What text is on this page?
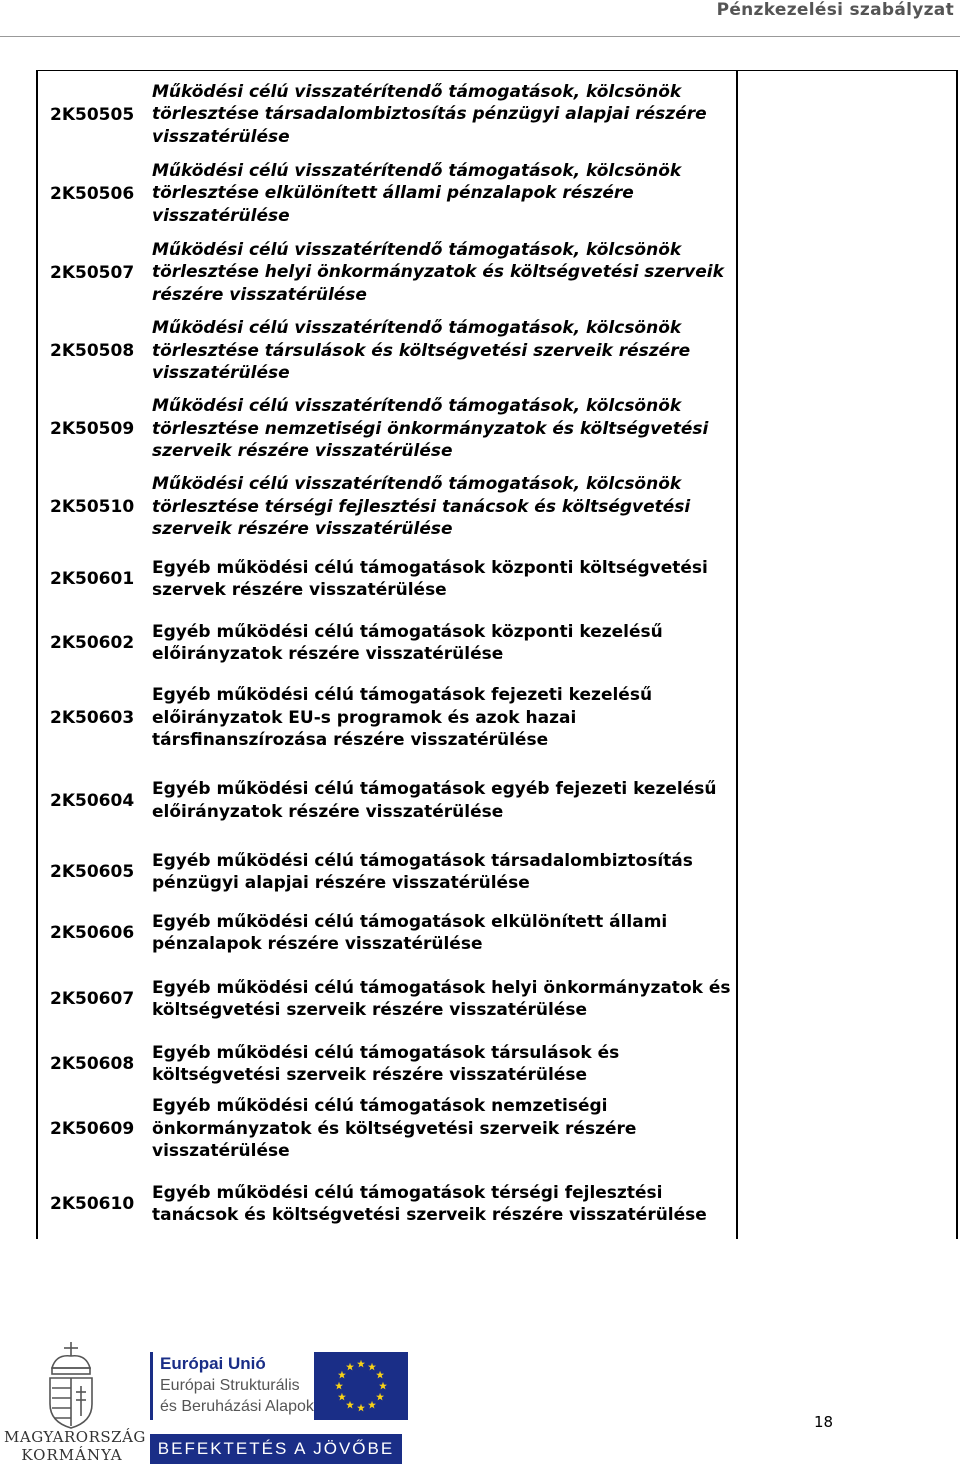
Pénzkezelési szabályzat
2K50505
Működési célú visszatérítendő támogatások, kölcsönök törlesztése társadalombiztosítás pénzügyi alapjai részére visszatérülése
2K50506
Működési célú visszatérítendő támogatások, kölcsönök törlesztése elkülönített állami pénzalapok részére visszatérülése
2K50507
Működési célú visszatérítendő támogatások, kölcsönök törlesztése helyi önkormányzatok és költségvetési szerveik részére visszatérülése
2K50508
Működési célú visszatérítendő támogatások, kölcsönök törlesztése társulások és költségvetési szerveik részére visszatérülése
2K50509
Működési célú visszatérítendő támogatások, kölcsönök törlesztése nemzetiségi önkormányzatok és költségvetési szerveik részére visszatérülése
2K50510
Működési célú visszatérítendő támogatások, kölcsönök törlesztése térségi fejlesztési tanácsok és költségvetési szerveik részére visszatérülése
2K50601
Egyéb működési célú támogatások központi költségvetési szervek részére visszatérülése
2K50602
Egyéb működési célú támogatások központi kezelésű előirányzatok részére visszatérülése
2K50603
Egyéb működési célú támogatások fejezeti kezelésű előirányzatok EU-s programok és azok hazai társfinanszírozása részére visszatérülése
2K50604
Egyéb működési célú támogatások egyéb fejezeti kezelésű előirányzatok részére visszatérülése
2K50605
Egyéb működési célú támogatások társadalombiztosítás pénzügyi alapjai részére visszatérülése
2K50606
Egyéb működési célú támogatások elkülönített állami pénzalapok részére visszatérülése
2K50607
Egyéb működési célú támogatások helyi önkormányzatok és költségvetési szerveik részére visszatérülése
2K50608
Egyéb működési célú támogatások társulások és költségvetési szerveik részére visszatérülése
2K50609
Egyéb működési célú támogatások nemzetiségi önkormányzatok és költségvetési szerveik részére visszatérülése
2K50610
Egyéb működési célú támogatások térségi fejlesztési tanácsok és költségvetési szerveik részére visszatérülése
MAGYARORSZÁG
KORMÁNYA
Európai Unió
Európai Strukturális
és Beruházási Alapok
BEFEKTETÉS A JÖVŐBE
18
